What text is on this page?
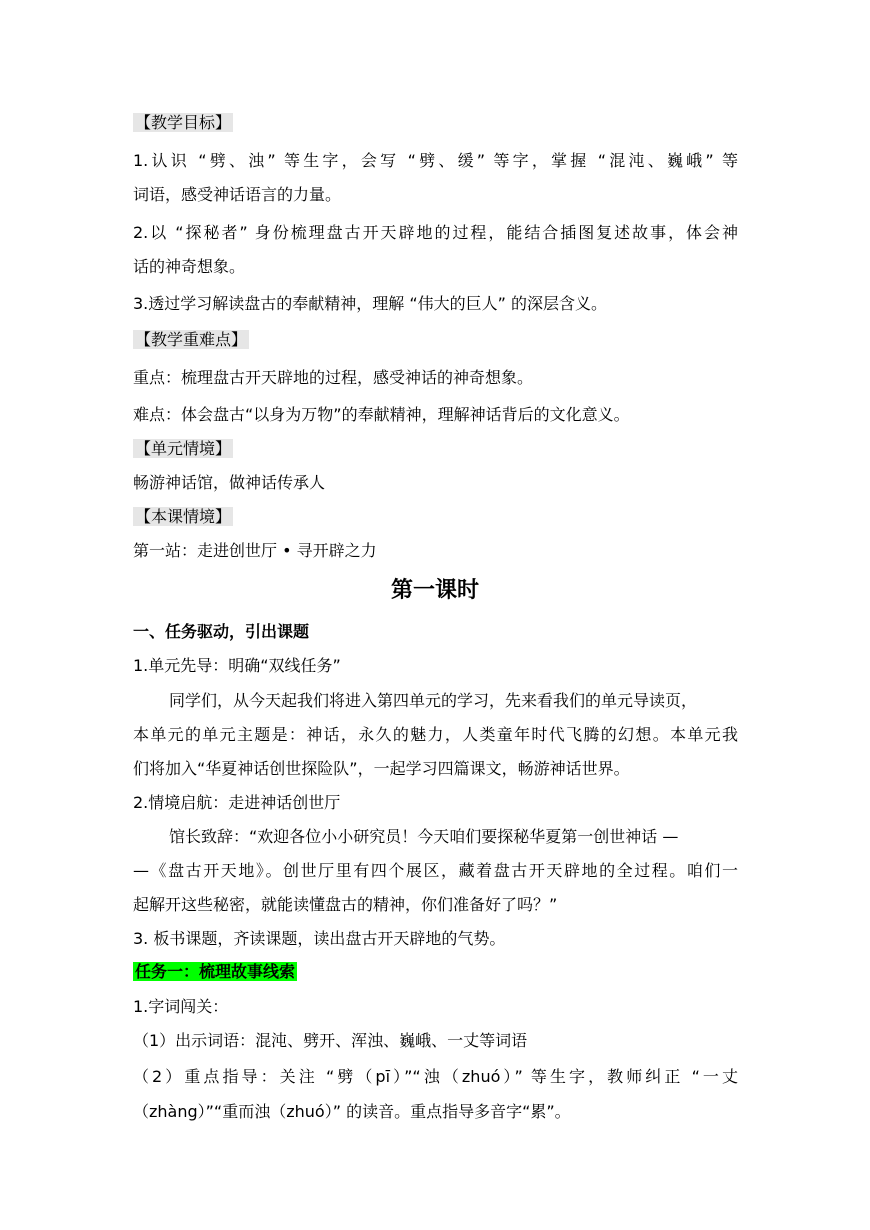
【教学目标】
1.认识 “劈、浊” 等生字，会写 “劈、缓” 等字，掌握 “混沌、巍峨” 等
词语，感受神话语言的力量。
2.以 “探秘者” 身份梳理盘古开天辟地的过程，能结合插图复述故事，体会神
话的神奇想象。
3.透过学习解读盘古的奉献精神，理解 “伟大的巨人” 的深层含义。
【教学重难点】
重点：梳理盘古开天辟地的过程，感受神话的神奇想象。
难点：体会盘古“以身为万物”的奉献精神，理解神话背后的文化意义。
【单元情境】
畅游神话馆，做神话传承人
【本课情境】
第一站：走进创世厅 • 寻开辟之力
第一课时
一、任务驱动，引出课题
1.单元先导：明确“双线任务”
同学们，从今天起我们将进入第四单元的学习，先来看我们的单元导读页，
本单元的单元主题是：神话，永久的魅力，人类童年时代飞腾的幻想。本单元我
们将加入“华夏神话创世探险队”，一起学习四篇课文，畅游神话世界。
2.情境启航：走进神话创世厅
馆长致辞：“欢迎各位小小研究员！今天咱们要探秘华夏第一创世神话 —
—《盘古开天地》。创世厅里有四个展区，藏着盘古开天辟地的全过程。咱们一
起解开这些秘密，就能读懂盘古的精神，你们准备好了吗？”
3. 板书课题，齐读课题，读出盘古开天辟地的气势。
任务一：梳理故事线索
1.字词闯关：
（1）出示词语：混沌、劈开、浑浊、巍峨、一丈等词语
（2）重点指导：关注 “劈（pī）”“浊（zhuó）” 等生字，教师纠正 “一丈
（zhàng）”“重而浊（zhuó）” 的读音。重点指导多音字“累”。
